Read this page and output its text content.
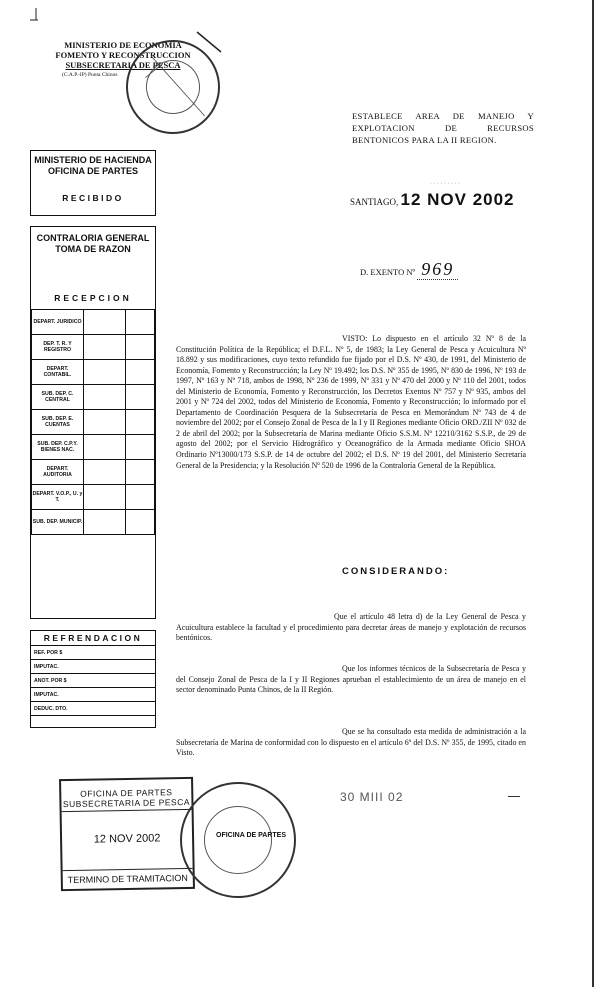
MINISTERIO DE ECONOMIA
FOMENTO Y RECONSTRUCCION
SUBSECRETARIA DE PESCA
(C.A.P.-IP) Punta Chinos
ESTABLECE AREA DE MANEJO Y EXPLOTACION DE RECURSOS BENTONICOS PARA LA II REGION.
MINISTERIO DE HACIENDA OFICINA DE PARTES
RECIBIDO
CONTRALORIA GENERAL TOMA DE RAZON
RECEPCION
DEPART. JURIDICO		
DEP. T. R. Y REGISTRO		
DEPART. CONTABIL.		
SUB. DEP. C. CENTRAL		
SUB. DEP. E. CUENTAS		
SUB. DEP. C.P.Y. BIENES NAC.		
DEPART. AUDITORIA		
DEPART. V.O.P., U. y T.		
SUB. DEP. MUNICIP.		
REFRENDACION
REF. POR $
IMPUTAC.
ANOT. POR $
IMPUTAC.
DEDUC. DTO.
· · · · · · · · ·
SANTIAGO, 12 NOV 2002
D. EXENTO Nº 969
VISTO: Lo dispuesto en el artículo 32 Nº 8 de la Constitución Política de la República; el D.F.L. Nº 5, de 1983; la Ley General de Pesca y Acuicultura Nº 18.892 y sus modificaciones, cuyo texto refundido fue fijado por el D.S. Nº 430, de 1991, del Ministerio de Economía, Fomento y Reconstrucción; la Ley Nº 19.492; los D.S. Nº 355 de 1995, Nº 830 de 1996, Nº 193 de 1997, Nº 163 y Nº 718, ambos de 1998, Nº 236 de 1999, Nº 331 y Nº 470 del 2000 y Nº 110 del 2001, todos del Ministerio de Economía, Fomento y Reconstrucción, los Decretos Exentos Nº 757 y Nº 935, ambos del 2001 y Nº 724 del 2002, todos del Ministerio de Economía, Fomento y Reconstrucción; lo informado por el Departamento de Coordinación Pesquera de la Subsecretaría de Pesca en Memorándum Nº 743 de 4 de noviembre del 2002; por el Consejo Zonal de Pesca de la I y II Regiones mediante Oficio ORD./ZII Nº 032 de 2 de abril del 2002; por la Subsecretaría de Marina mediante Oficio S.S.M. Nº 12210/3162 S.S.P., de 29 de agosto del 2002; por el Servicio Hidrográfico y Oceanográfico de la Armada mediante Oficio SHOA Ordinario Nº13000/173 S.S.P. de 14 de octubre del 2002; el D.S. Nº 19 del 2001, del Ministerio Secretaría General de la Presidencia; y la Resolución Nº 520 de 1996 de la Contraloría General de la República.
CONSIDERANDO:
Que el artículo 48 letra d) de la Ley General de Pesca y Acuicultura establece la facultad y el procedimiento para decretar áreas de manejo y explotación de recursos bentónicos.
Que los informes técnicos de la Subsecretaría de Pesca y del Consejo Zonal de Pesca de la I y II Regiones aprueban el establecimiento de un área de manejo en el sector denominado Punta Chinos, de la II Región.
Que se ha consultado esta medida de administración a la Subsecretaría de Marina de conformidad con lo dispuesto en el artículo 6º del D.S. Nº 355, de 1995, citado en Visto.
30 MIII 02
OFICINA DE PARTES
SUBSECRETARIA DE PESCA
12 NOV 2002
TERMINO DE TRAMITACION
OFICINA DE PARTES
